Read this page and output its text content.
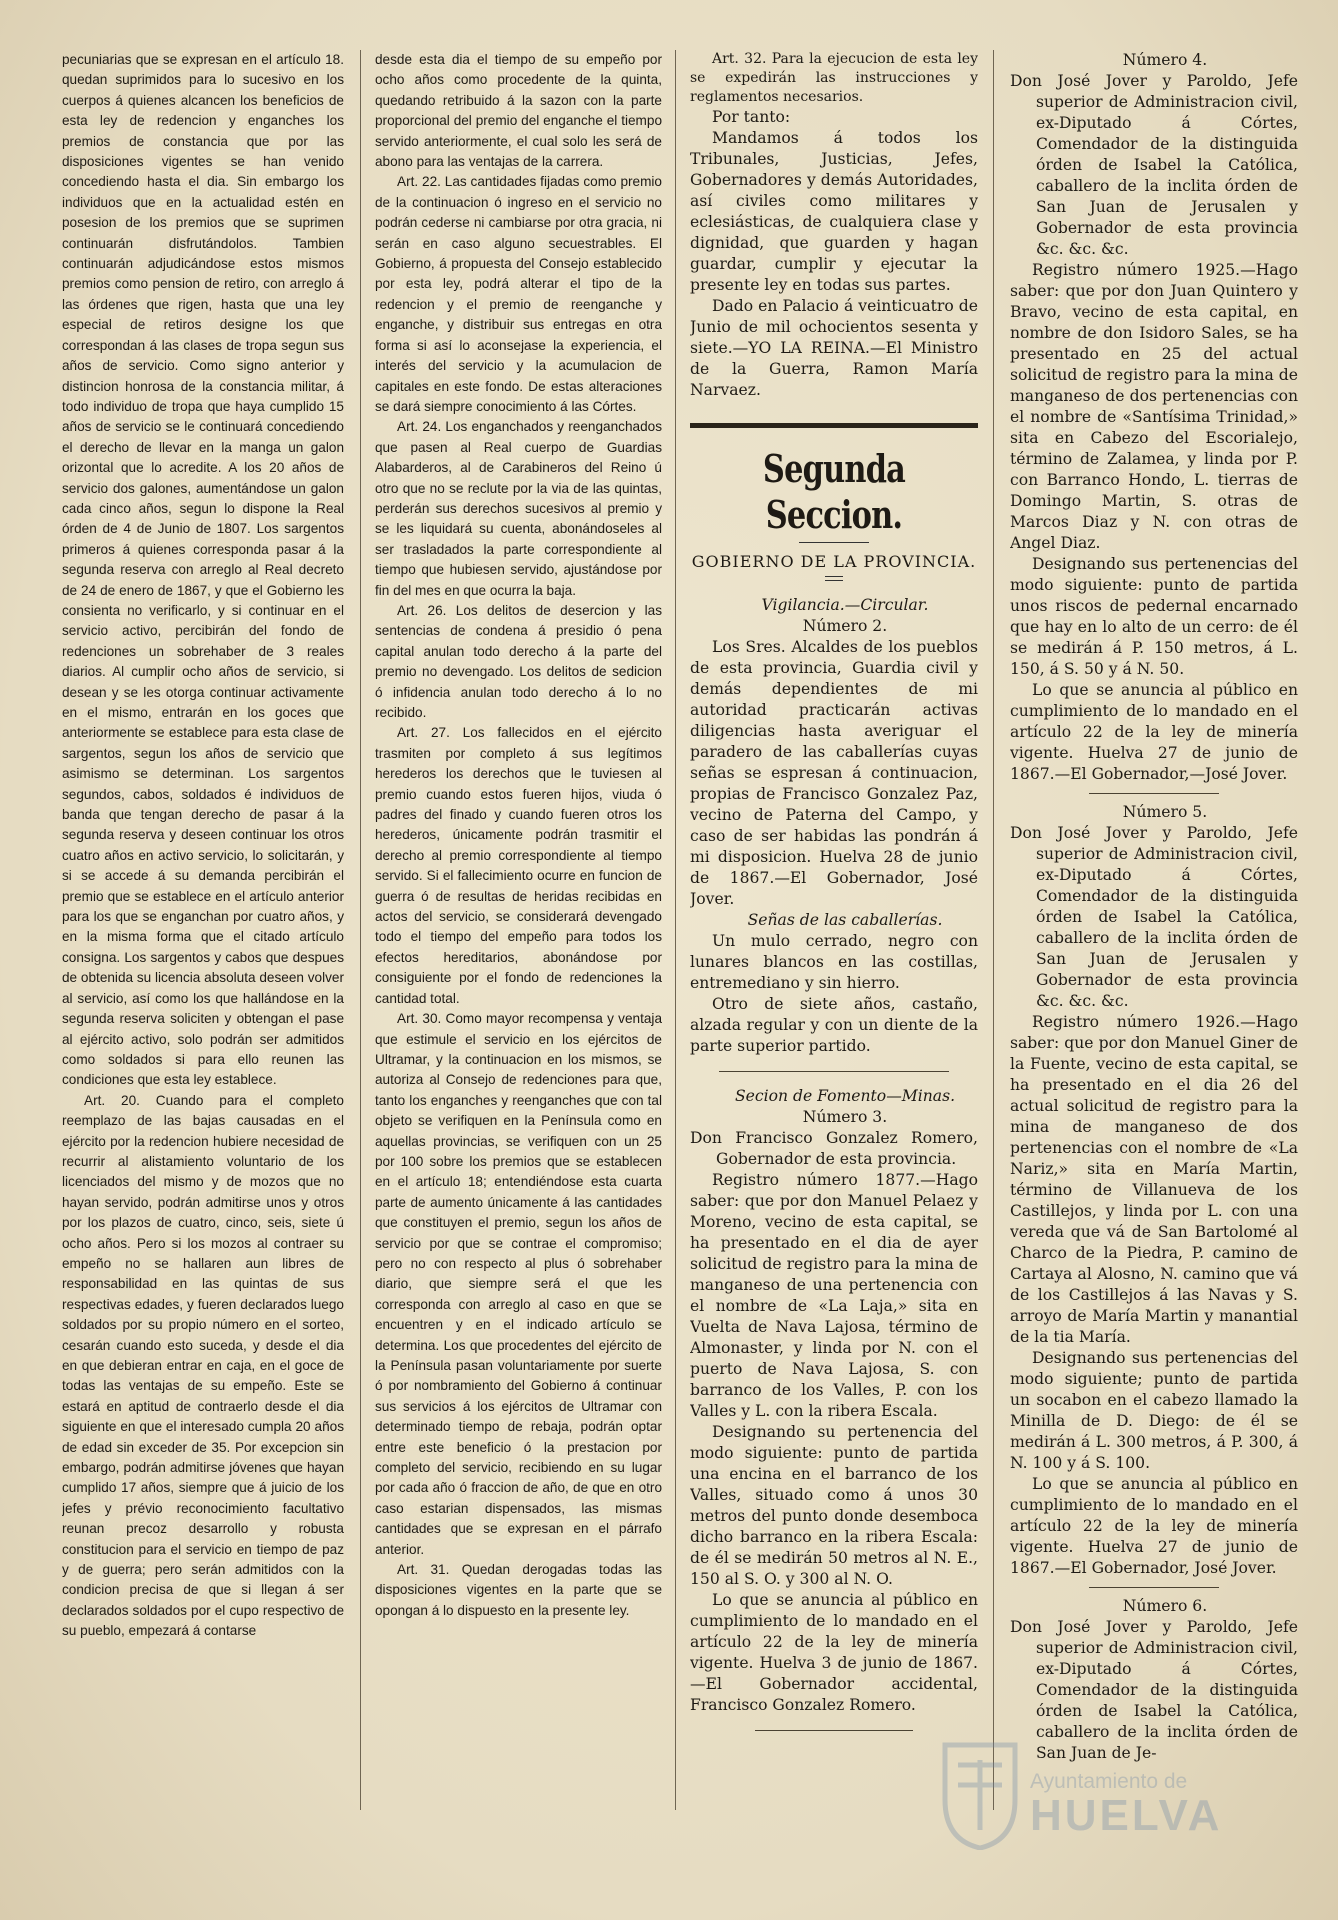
pecuniarias que se expresan en el artículo 18. quedan suprimidos para lo sucesivo en los cuerpos á quienes alcancen los beneficios de esta ley de redencion y enganches los premios de constancia que por las disposiciones vigentes se han venido concediendo hasta el dia. Sin embargo los individuos que en la actualidad estén en posesion de los premios que se suprimen continuarán disfrutándolos. Tambien continuarán adjudicándose estos mismos premios como pension de retiro, con arreglo á las órdenes que rigen, hasta que una ley especial de retiros designe los que correspondan á las clases de tropa segun sus años de servicio. Como signo anterior y distincion honrosa de la constancia militar, á todo individuo de tropa que haya cumplido 15 años de servicio se le continuará concediendo el derecho de llevar en la manga un galon orizontal que lo acredite. A los 20 años de servicio dos galones, aumentándose un galon cada cinco años, segun lo dispone la Real órden de 4 de Junio de 1807. Los sargentos primeros á quienes corresponda pasar á la segunda reserva con arreglo al Real decreto de 24 de enero de 1867, y que el Gobierno les consienta no verificarlo, y si continuar en el servicio activo, percibirán del fondo de redenciones un sobrehaber de 3 reales diarios. Al cumplir ocho años de servicio, si desean y se les otorga continuar activamente en el mismo, entrarán en los goces que anteriormente se establece para esta clase de sargentos, segun los años de servicio que asimismo se determinan. Los sargentos segundos, cabos, soldados é individuos de banda que tengan derecho de pasar á la segunda reserva y deseen continuar los otros cuatro años en activo servicio, lo solicitarán, y si se accede á su demanda percibirán el premio que se establece en el artículo anterior para los que se enganchan por cuatro años, y en la misma forma que el citado artículo consigna. Los sargentos y cabos que despues de obtenida su licencia absoluta deseen volver al servicio, así como los que hallándose en la segunda reserva soliciten y obtengan el pase al ejército activo, solo podrán ser admitidos como soldados si para ello reunen las condiciones que esta ley establece.

Art. 20. Cuando para el completo reemplazo de las bajas causadas en el ejército por la redencion hubiere necesidad de recurrir al alistamiento voluntario de los licenciados del mismo y de mozos que no hayan servido, podrán admitirse unos y otros por los plazos de cuatro, cinco, seis, siete ú ocho años. Pero si los mozos al contraer su empeño no se hallaren aun libres de responsabilidad en las quintas de sus respectivas edades, y fueren declarados luego soldados por su propio número en el sorteo, cesarán cuando esto suceda, y desde el dia en que debieran entrar en caja, en el goce de todas las ventajas de su empeño. Este se estará en aptitud de contraerlo desde el dia siguiente en que el interesado cumpla 20 años de edad sin exceder de 35. Por excepcion sin embargo, podrán admitirse jóvenes que hayan cumplido 17 años, siempre que á juicio de los jefes y prévio reconocimiento facultativo reunan precoz desarrollo y robusta constitucion para el servicio en tiempo de paz y de guerra; pero serán admitidos con la condicion precisa de que si llegan á ser declarados soldados por el cupo respectivo de su pueblo, empezará á contarse

desde esta dia el tiempo de su empeño por ocho años como procedente de la quinta, quedando retribuido á la sazon con la parte proporcional del premio del enganche el tiempo servido anteriormente, el cual solo les será de abono para las ventajas de la carrera.

Art. 22. Las cantidades fijadas como premio de la continuacion ó ingreso en el servicio no podrán cederse ni cambiarse por otra gracia, ni serán en caso alguno secuestrables. El Gobierno, á propuesta del Consejo establecido por esta ley, podrá alterar el tipo de la redencion y el premio de reenganche y enganche, y distribuir sus entregas en otra forma si así lo aconsejase la experiencia, el interés del servicio y la acumulacion de capitales en este fondo. De estas alteraciones se dará siempre conocimiento á las Córtes.

Art. 24. Los enganchados y reenganchados que pasen al Real cuerpo de Guardias Alabarderos, al de Carabineros del Reino ú otro que no se reclute por la via de las quintas, perderán sus derechos sucesivos al premio y se les liquidará su cuenta, abonándoseles al ser trasladados la parte correspondiente al tiempo que hubiesen servido, ajustándose por fin del mes en que ocurra la baja.

Art. 26. Los delitos de desercion y las sentencias de condena á presidio ó pena capital anulan todo derecho á la parte del premio no devengado. Los delitos de sedicion ó infidencia anulan todo derecho á lo no recibido.

Art. 27. Los fallecidos en el ejército trasmiten por completo á sus legítimos herederos los derechos que le tuviesen al premio cuando estos fueren hijos, viuda ó padres del finado y cuando fueren otros los herederos, únicamente podrán trasmitir el derecho al premio correspondiente al tiempo servido. Si el fallecimiento ocurre en funcion de guerra ó de resultas de heridas recibidas en actos del servicio, se considerará devengado todo el tiempo del empeño para todos los efectos hereditarios, abonándose por consiguiente por el fondo de redenciones la cantidad total.

Art. 30. Como mayor recompensa y ventaja que estimule el servicio en los ejércitos de Ultramar, y la continuacion en los mismos, se autoriza al Consejo de redenciones para que, tanto los enganches y reenganches que con tal objeto se verifiquen en la Península como en aquellas provincias, se verifiquen con un 25 por 100 sobre los premios que se establecen en el artículo 18; entendiéndose esta cuarta parte de aumento únicamente á las cantidades que constituyen el premio, segun los años de servicio por que se contrae el compromiso; pero no con respecto al plus ó sobrehaber diario, que siempre será el que les corresponda con arreglo al caso en que se encuentren y en el indicado artículo se determina. Los que procedentes del ejército de la Península pasan voluntariamente por suerte ó por nombramiento del Gobierno á continuar sus servicios á los ejércitos de Ultramar con determinado tiempo de rebaja, podrán optar entre este beneficio ó la prestacion por completo del servicio, recibiendo en su lugar por cada año ó fraccion de año, de que en otro caso estarian dispensados, las mismas cantidades que se expresan en el párrafo anterior.

Art. 31. Quedan derogadas todas las disposiciones vigentes en la parte que se opongan á lo dispuesto en la presente ley.

Art. 32. Para la ejecucion de esta ley se expedirán las instrucciones y reglamentos necesarios.

Por tanto:

Mandamos á todos los Tribunales, Justicias, Jefes, Gobernadores y demás Autoridades, así civiles como militares y eclesiásticas, de cualquiera clase y dignidad, que guarden y hagan guardar, cumplir y ejecutar la presente ley en todas sus partes.

Dado en Palacio á veinticuatro de Junio de mil ochocientos sesenta y siete.—YO LA REINA.—El Ministro de la Guerra, Ramon María Narvaez.

Segunda Seccion.
GOBIERNO DE LA PROVINCIA.

Vigilancia.—Circular.

Número 2.

Los Sres. Alcaldes de los pueblos de esta provincia, Guardia civil y demás dependientes de mi autoridad practicarán activas diligencias hasta averiguar el paradero de las caballerías cuyas señas se espresan á continuacion, propias de Francisco Gonzalez Paz, vecino de Paterna del Campo, y caso de ser habidas las pondrán á mi disposicion. Huelva 28 de junio de 1867.—El Gobernador, José Jover.

Señas de las caballerías.

Un mulo cerrado, negro con lunares blancos en las costillas, entremediano y sin hierro.

Otro de siete años, castaño, alzada regular y con un diente de la parte superior partido.

Secion de Fomento—Minas.

Número 3.

Don Francisco Gonzalez Romero, Gobernador de esta provincia.

Registro número 1877.—Hago saber: que por don Manuel Pelaez y Moreno, vecino de esta capital, se ha presentado en el dia de ayer solicitud de registro para la mina de manganeso de una pertenencia con el nombre de «La Laja,» sita en Vuelta de Nava Lajosa, término de Almonaster, y linda por N. con el puerto de Nava Lajosa, S. con barranco de los Valles, P. con los Valles y L. con la ribera Escala.

Designando su pertenencia del modo siguiente: punto de partida una encina en el barranco de los Valles, situado como á unos 30 metros del punto donde desemboca dicho barranco en la ribera Escala: de él se medirán 50 metros al N. E., 150 al S. O. y 300 al N. O.

Lo que se anuncia al público en cumplimiento de lo mandado en el artículo 22 de la ley de minería vigente. Huelva 3 de junio de 1867.—El Gobernador accidental, Francisco Gonzalez Romero.

Número 4.

Don José Jover y Paroldo, Jefe superior de Administracion civil, ex-Diputado á Córtes, Comendador de la distinguida órden de Isabel la Católica, caballero de la inclita órden de San Juan de Jerusalen y Gobernador de esta provincia &c. &c. &c.

Registro número 1925.—Hago saber: que por don Juan Quintero y Bravo, vecino de esta capital, en nombre de don Isidoro Sales, se ha presentado en 25 del actual solicitud de registro para la mina de manganeso de dos pertenencias con el nombre de «Santísima Trinidad,» sita en Cabezo del Escorialejo, término de Zalamea, y linda por P. con Barranco Hondo, L. tierras de Domingo Martin, S. otras de Marcos Diaz y N. con otras de Angel Diaz.

Designando sus pertenencias del modo siguiente: punto de partida unos riscos de pedernal encarnado que hay en lo alto de un cerro: de él se medirán á P. 150 metros, á L. 150, á S. 50 y á N. 50.

Lo que se anuncia al público en cumplimiento de lo mandado en el artículo 22 de la ley de minería vigente. Huelva 27 de junio de 1867.—El Gobernador,—José Jover.

Número 5.

Don José Jover y Paroldo, Jefe superior de Administracion civil, ex-Diputado á Córtes, Comendador de la distinguida órden de Isabel la Católica, caballero de la inclita órden de San Juan de Jerusalen y Gobernador de esta provincia &c. &c. &c.

Registro número 1926.—Hago saber: que por don Manuel Giner de la Fuente, vecino de esta capital, se ha presentado en el dia 26 del actual solicitud de registro para la mina de manganeso de dos pertenencias con el nombre de «La Nariz,» sita en María Martin, término de Villanueva de los Castillejos, y linda por L. con una vereda que vá de San Bartolomé al Charco de la Piedra, P. camino de Cartaya al Alosno, N. camino que vá de los Castillejos á las Navas y S. arroyo de María Martin y manantial de la tia María.

Designando sus pertenencias del modo siguiente; punto de partida un socabon en el cabezo llamado la Minilla de D. Diego: de él se medirán á L. 300 metros, á P. 300, á N. 100 y á S. 100.

Lo que se anuncia al público en cumplimiento de lo mandado en el artículo 22 de la ley de minería vigente. Huelva 27 de junio de 1867.—El Gobernador, José Jover.

Número 6.

Don José Jover y Paroldo, Jefe superior de Administracion civil, ex-Diputado á Córtes, Comendador de la distinguida órden de Isabel la Católica, caballero de la inclita órden de San Juan de Je-

Ayuntamiento de
HUELVA
